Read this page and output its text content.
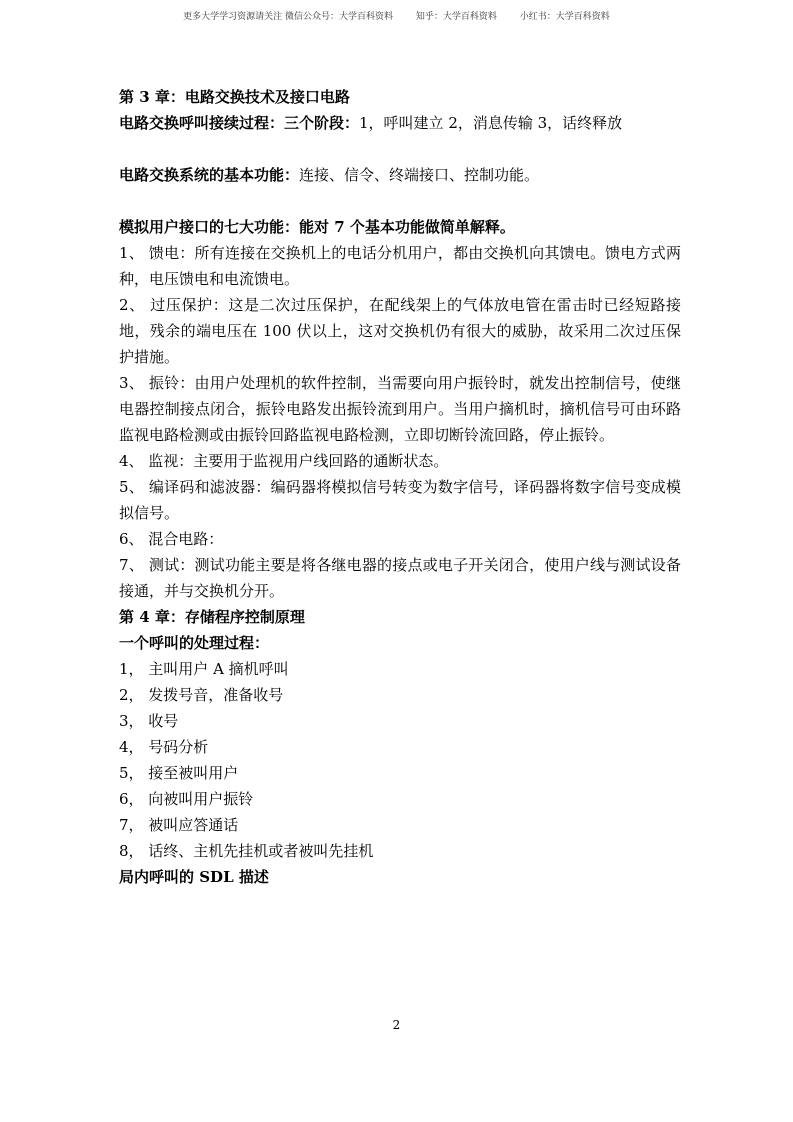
更多大学学习资源请关注 微信公众号：大学百科资料        知乎：大学百科资料        小红书：大学百科资料
第 3 章：电路交换技术及接口电路
电路交换呼叫接续过程：三个阶段：1，呼叫建立 2，消息传输 3，话终释放
电路交换系统的基本功能：连接、信令、终端接口、控制功能。
模拟用户接口的七大功能：能对 7 个基本功能做简单解释。
1、 馈电：所有连接在交换机上的电话分机用户，都由交换机向其馈电。馈电方式两种，电压馈电和电流馈电。
2、 过压保护：这是二次过压保护，在配线架上的气体放电管在雷击时已经短路接地，残余的端电压在 100 伏以上，这对交换机仍有很大的威胁，故采用二次过压保护措施。
3、 振铃：由用户处理机的软件控制，当需要向用户振铃时，就发出控制信号，使继电器控制接点闭合，振铃电路发出振铃流到用户。当用户摘机时，摘机信号可由环路监视电路检测或由振铃回路监视电路检测，立即切断铃流回路，停止振铃。
4、 监视：主要用于监视用户线回路的通断状态。
5、 编译码和滤波器：编码器将模拟信号转变为数字信号，译码器将数字信号变成模拟信号。
6、 混合电路：
7、 测试：测试功能主要是将各继电器的接点或电子开关闭合，使用户线与测试设备接通，并与交换机分开。
第 4 章：存储程序控制原理
一个呼叫的处理过程：
1， 主叫用户 A 摘机呼叫
2， 发拨号音，准备收号
3， 收号
4， 号码分析
5， 接至被叫用户
6， 向被叫用户振铃
7， 被叫应答通话
8， 话终、主机先挂机或者被叫先挂机
局内呼叫的 SDL 描述
2
